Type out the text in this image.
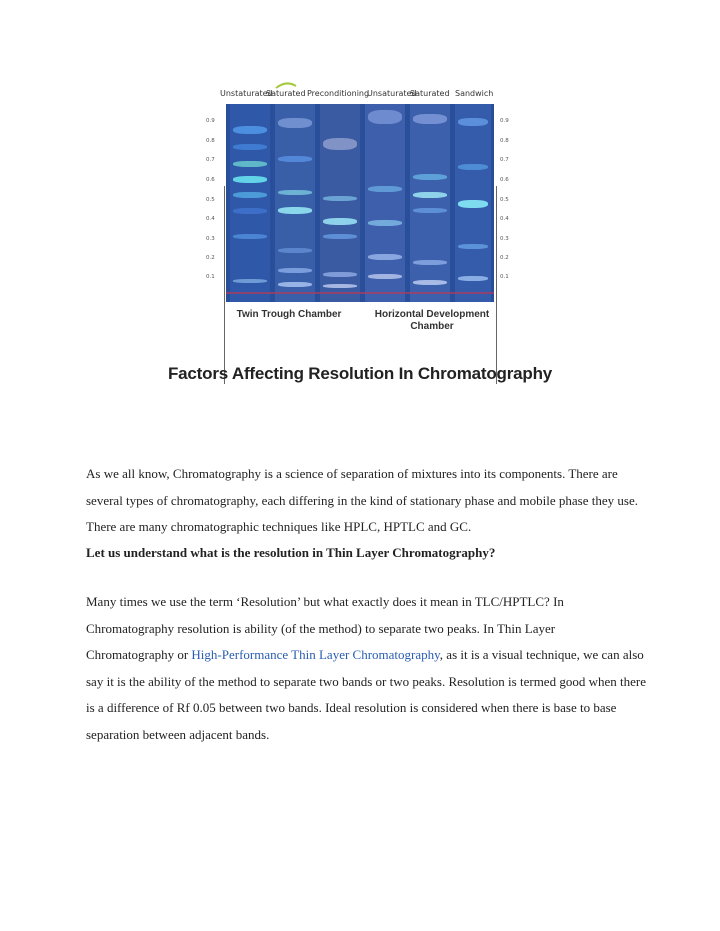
Unstaturated
Saturated Preconditioning
Unsaturated
Saturated Sandwich
0.9
0.8
0.7
0.6
0.5
0.4
0.3
0.2
0.1
0.9
0.8
0.7
0.6
0.5
0.4
0.3
0.2
0.1
Twin Trough Chamber	Horizontal Development
Chamber
Factors Affecting Resolution In Chromatography

As we all know, Chromatography is a science of separation of mixtures into its components. There are several types of chromatography, each differing in the kind of stationary phase and mobile phase they use. There are many chromatographic techniques like HPLC, HPTLC and GC.

Let us understand what is the resolution in Thin Layer Chromatography?

Many times we use the term ‘Resolution’ but what exactly does it mean in TLC/HPTLC? In Chromatography resolution is ability (of the method) to separate two peaks. In Thin Layer Chromatography or High-Performance Thin Layer Chromatography, as it is a visual technique, we can also say it is the ability of the method to separate two bands or two peaks. Resolution is termed good when there is a difference of Rf 0.05 between two bands. Ideal resolution is considered when there is base to base separation between adjacent bands.
